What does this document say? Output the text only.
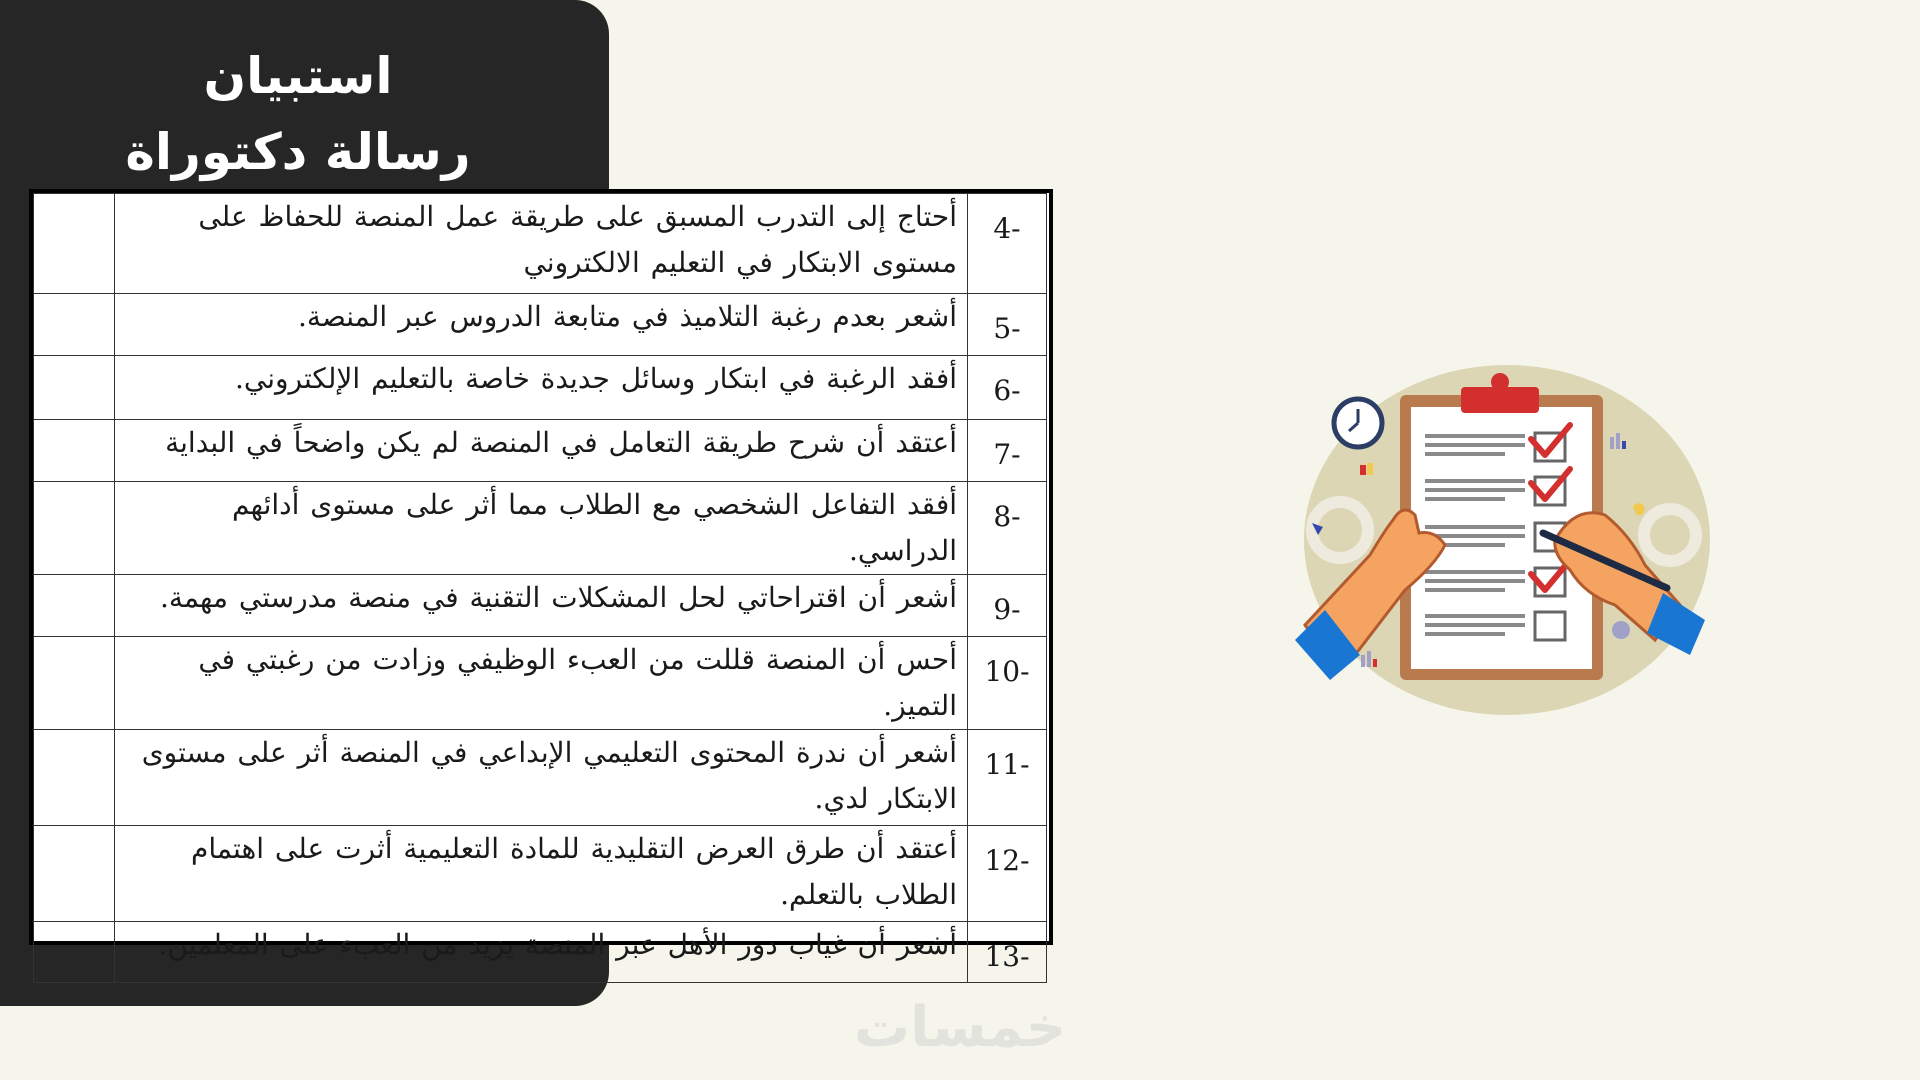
استبيان
رسالة دكتوراة
4-	أحتاج إلى التدرب المسبق على طريقة عمل المنصة للحفاظ على مستوى الابتكار في التعليم الالكتروني	
5-	أشعر بعدم رغبة التلاميذ في متابعة الدروس عبر المنصة.	
6-	أفقد الرغبة في ابتكار وسائل جديدة خاصة بالتعليم الإلكتروني.	
7-	أعتقد أن شرح طريقة التعامل في المنصة لم يكن واضحاً في البداية	
8-	أفقد التفاعل الشخصي مع الطلاب مما أثر على مستوى أدائهم الدراسي.	
9-	أشعر أن اقتراحاتي لحل المشكلات التقنية في منصة مدرستي مهمة.	
10-	أحس أن المنصة قللت من العبء الوظيفي وزادت من رغبتي في التميز.	
11-	أشعر أن ندرة المحتوى التعليمي الإبداعي في المنصة أثر على مستوى الابتكار لدي.	
12-	أعتقد أن طرق العرض التقليدية للمادة التعليمية أثرت على اهتمام الطلاب بالتعلم.	
13-	أشعر أن غياب دور الأهل عبر المنصة يزيد من العبء على المعلمين.	
خمسات
